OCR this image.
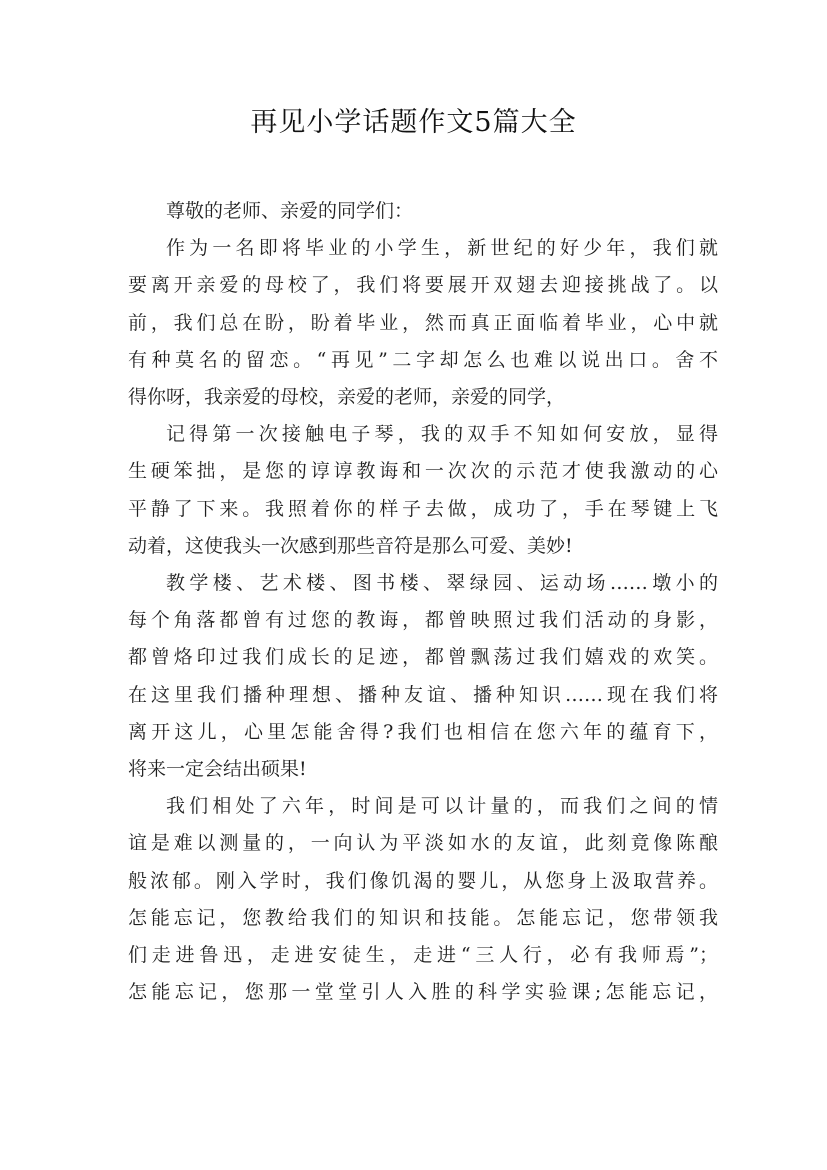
再见小学话题作文5篇大全

尊敬的老师、亲爱的同学们：

作为一名即将毕业的小学生，新世纪的好少年，我们就
要离开亲爱的母校了，我们将要展开双翅去迎接挑战了。以
前，我们总在盼，盼着毕业，然而真正面临着毕业，心中就
有种莫名的留恋。“再见”二字却怎么也难以说出口。舍不
得你呀，我亲爱的母校，亲爱的老师，亲爱的同学，

记得第一次接触电子琴，我的双手不知如何安放，显得
生硬笨拙，是您的谆谆教诲和一次次的示范才使我激动的心
平静了下来。我照着你的样子去做，成功了，手在琴键上飞
动着，这使我头一次感到那些音符是那么可爱、美妙!

教学楼、艺术楼、图书楼、翠绿园、运动场……墩小的
每个角落都曾有过您的教诲，都曾映照过我们活动的身影，
都曾烙印过我们成长的足迹，都曾飘荡过我们嬉戏的欢笑。
在这里我们播种理想、播种友谊、播种知识……现在我们将
离开这儿，心里怎能舍得?我们也相信在您六年的蕴育下，
将来一定会结出硕果!

我们相处了六年，时间是可以计量的，而我们之间的情
谊是难以测量的，一向认为平淡如水的友谊，此刻竟像陈酿
般浓郁。刚入学时，我们像饥渴的婴儿，从您身上汲取营养。
怎能忘记，您教给我们的知识和技能。怎能忘记，您带领我
们走进鲁迅，走进安徒生，走进“三人行，必有我师焉”；
怎能忘记，您那一堂堂引人入胜的科学实验课;怎能忘记，
